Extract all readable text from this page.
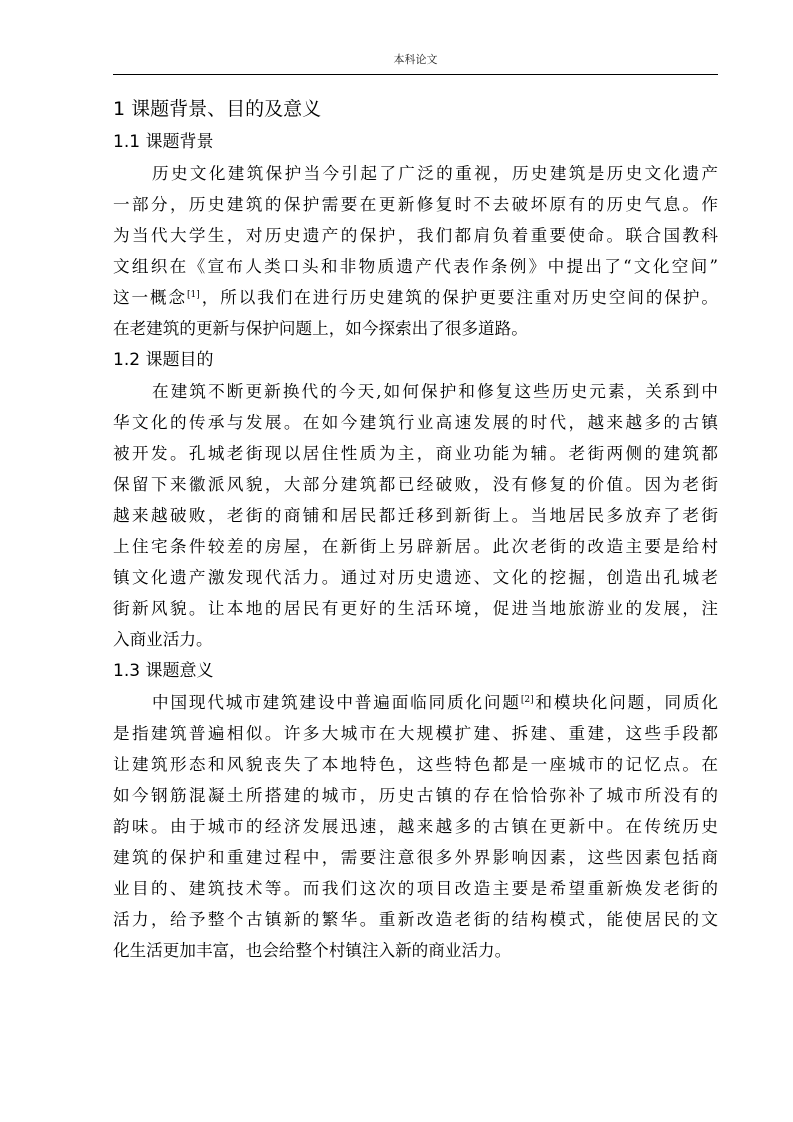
本科论文
1 课题背景、目的及意义
1.1 课题背景
历史文化建筑保护当今引起了广泛的重视，历史建筑是历史文化遗产
一部分，历史建筑的保护需要在更新修复时不去破坏原有的历史气息。作
为当代大学生，对历史遗产的保护，我们都肩负着重要使命。联合国教科
文组织在《宣布人类口头和非物质遗产代表作条例》中提出了“文化空间”
这一概念[1]，所以我们在进行历史建筑的保护更要注重对历史空间的保护。
在老建筑的更新与保护问题上，如今探索出了很多道路。
1.2 课题目的
在建筑不断更新换代的今天,如何保护和修复这些历史元素，关系到中
华文化的传承与发展。在如今建筑行业高速发展的时代，越来越多的古镇
被开发。孔城老街现以居住性质为主，商业功能为辅。老街两侧的建筑都
保留下来徽派风貌，大部分建筑都已经破败，没有修复的价值。因为老街
越来越破败，老街的商铺和居民都迁移到新街上。当地居民多放弃了老街
上住宅条件较差的房屋，在新街上另辟新居。此次老街的改造主要是给村
镇文化遗产激发现代活力。通过对历史遗迹、文化的挖掘，创造出孔城老
街新风貌。让本地的居民有更好的生活环境，促进当地旅游业的发展，注
入商业活力。
1.3 课题意义
中国现代城市建筑建设中普遍面临同质化问题[2]和模块化问题，同质化
是指建筑普遍相似。许多大城市在大规模扩建、拆建、重建，这些手段都
让建筑形态和风貌丧失了本地特色，这些特色都是一座城市的记忆点。在
如今钢筋混凝土所搭建的城市，历史古镇的存在恰恰弥补了城市所没有的
韵味。由于城市的经济发展迅速，越来越多的古镇在更新中。在传统历史
建筑的保护和重建过程中，需要注意很多外界影响因素，这些因素包括商
业目的、建筑技术等。而我们这次的项目改造主要是希望重新焕发老街的
活力，给予整个古镇新的繁华。重新改造老街的结构模式，能使居民的文
化生活更加丰富，也会给整个村镇注入新的商业活力。
